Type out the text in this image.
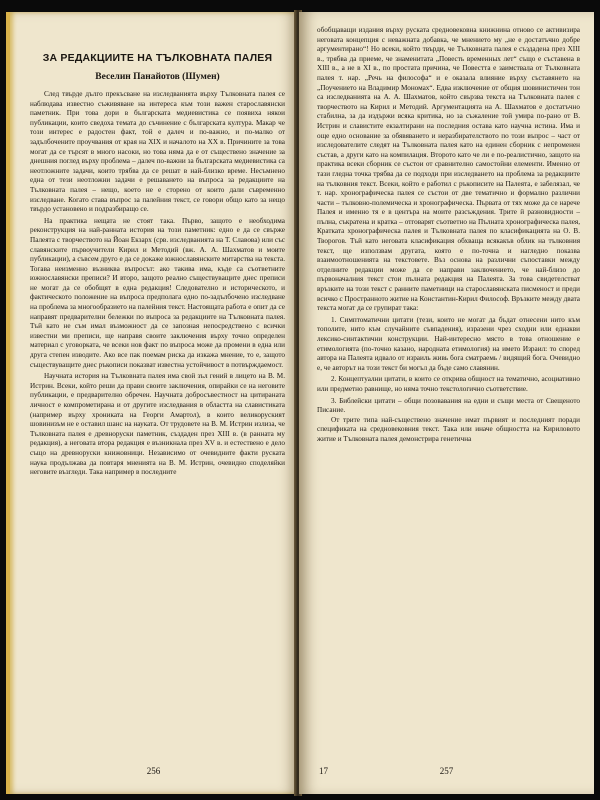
ЗА РЕДАКЦИИТЕ НА ТЪЛКОВНАТА ПАЛЕЯ
Веселин Панайотов (Шумен)

След твърде дълго прекъсване на изследванията върху Тълковната палея се наблюдава известно съживяване на интереса към този важен старославянски паметник. При това дори в българската медиевистика се появиха някои публикации, които сведоха темата до съчинение с българската култура. Макар че този интерес е радостен факт, той е далеч и по-важно, и по-малко от задълбочените проучвания от края на XIX и началото на XX в. Причините за това могат да се търсят в много насоки, но това няма да е от съществено значение за днешния поглед върху проблема – далеч по-важни за българската медиевистика са неотложните задачи, които трябва да се решат в най-близко време. Несъмнено една от тези неотложни задачи е решаването на въпроса за редакциите на Тълковната палея – нещо, което не е сторено от които дали съвременно изследване. Когато става въпрос за палейния текст, се говори общо като за нещо твърдо установено и подразбиращо се.

На практика нещата не стоят така. Първо, защото е необходима реконструкция на най-ранната история на този паметник: едно е да се свърже Палеята с творчеството на Йоан Екзарх (срв. изследванията на Т. Славова) или със славянските първоучители Кирил и Методий (вж. А. А. Шахматов и моите публикации), а съвсем друго е да се докаже южнославянските митарства на текста. Тогава неизменно възниква въпросът: ако такива има, къде са съответните южнославянски преписи? И второ, защото реално съществуващите днес преписи не могат да се обобщят в една редакция! Следователно и историческото, и фактическото положение на въпроса предполага едно по-задълбочено изследване на проблема за многообразието на палейния текст. Настоящата работа е опит да се направят предварителни бележки по въпроса за редакциите на Тълковната палея. Тъй като не съм имал възможност да се запозная непосредствено с всички известни ми преписи, ще направя своите заключения върху точно определен материал с уговорката, че всеки нов факт по въпроса може да промени в една или друга степен изводите. Ако все пак поемам риска да изкажа мнение, то е, защото съществуващите днес ръкописи показват известна устойчивост в потвърждаемост.

Научната история на Тълковната палея има свой зъл гений в лицето на В. М. Истрин. Всеки, който реши да прави своите заключения, опирайки се на неговите публикации, е предварително обречен. Научната добросъвестност на цитираната личност е компрометирана и от другите изследвания в областта на славистиката (например върху хрониката на Георги Амартол), в които великоруският шовинизъм не е оставил шанс на науката. От трудовете на В. М. Истрин излиза, че Тълковната палея е древноруски паметник, създаден през XIII в. (в ранната му редакция), а неговата втора редакция е възникнала през XV в. и естествено е дело също на древноруски книжовници. Независимо от очевидните факти руската наука продължава да повтаря мненията на В. М. Истрин, очевидно споделяйки неговите възгледи. Така например в последните

256

обобщаващи издания върху руската средновековна книжнина отново се активизира неговата концепция с неважната добавка, че мнението му „не е достатъчно добре аргументирано“! Но всеки, който твърди, че Тълковната палея е създадена през XIII в., трябва да приеме, че знаменитата „Повесть временных лет“ също е съставена в XIII в., а не в XI в., по простата причина, че Повестта е заимствала от Тълковната палея т. нар. „Речь на философа“ и е оказала влияние върху съставянето на „Поучението на Владимир Мономах“. Едва изключение от общия шовинистичен тон са изследванията на А. А. Шахматов, който свързва текста на Тълковната палея с творчеството на Кирил и Методий. Аргументацията на А. Шахматов е достатъчно стабилна, за да издържи всяка критика, но за съжаление той умира по-рано от В. Истрин и славистите екзалтирани на последния остава като научна истина. Има и още едно основание за обявяването и неразбирателството по този въпрос – част от изследователите следят на Тълковната палея като на единен сборник с непроменен състав, а други като на компилация. Второто като че ли е по-реалистично, защото на практика всеки сборник се състои от сравнително самостойни елементи. Именно от тази гледна точка трябва да се подходи при изследването на проблема за редакциите на тълковния текст. Всеки, който е работил с ръкописите на Палеята, е забелязал, че т. нар. хронографическа палея се състои от две тематично и формално различни части – тълковно-полемическа и хронографическа. Първата от тях може да се нарече Палея и именно тя е в центъра на моите разсъждения. Трите й разновидности – пълна, съкратена и кратка – отговарят съответно на Пълната хронографическа палея, Кратката хронографическа палея и Тълковната палея по класификацията на О. В. Творогов. Тъй като неговата класификация обхваща всякакъв облик на тълковния текст, ще използвам другата, която е по-точна и нагледно показва взаимоотношенията на текстовете. Въз основа на различни съпоставки между отделните редакции може да се направи заключението, че най-близо до първоначалния текст стои пълната редакция на Палеята. За това свидетелстват връзките на този текст с ранните паметници на старославянската писменост и преди всичко с Пространното житие на Константин-Кирил Философ. Връзките между двата текста могат да се групират така:

1. Симптоматични цитати (тези, които не могат да бъдат отнесени нито към тополите, нито към случайните съвпадения), изразени чрез сходни или еднакви лексико-синтактични конструкции. Най-интересно място в това отношение е етимологията (по-точно казано, народната етимология) на името Израил: то според автора на Палеята идвало от израиль живь бога сматраемь / видящий бога. Очевидно е, че авторът на този текст би могъл да бъде само славянин.

2. Концептуални цитати, в които се открива общност на тематично, асоциативно или предметно равнище, но няма точно текстологично съответствие.

3. Библейски цитати – общи позовавания на едни и същи места от Свещеното Писание.

От трите типа най-съществено значение имат първият и последният поради спецификата на средновековния текст. Така или иначе общността на Кириловото житие и Тълковната палея демонстрира генетична

17	257
